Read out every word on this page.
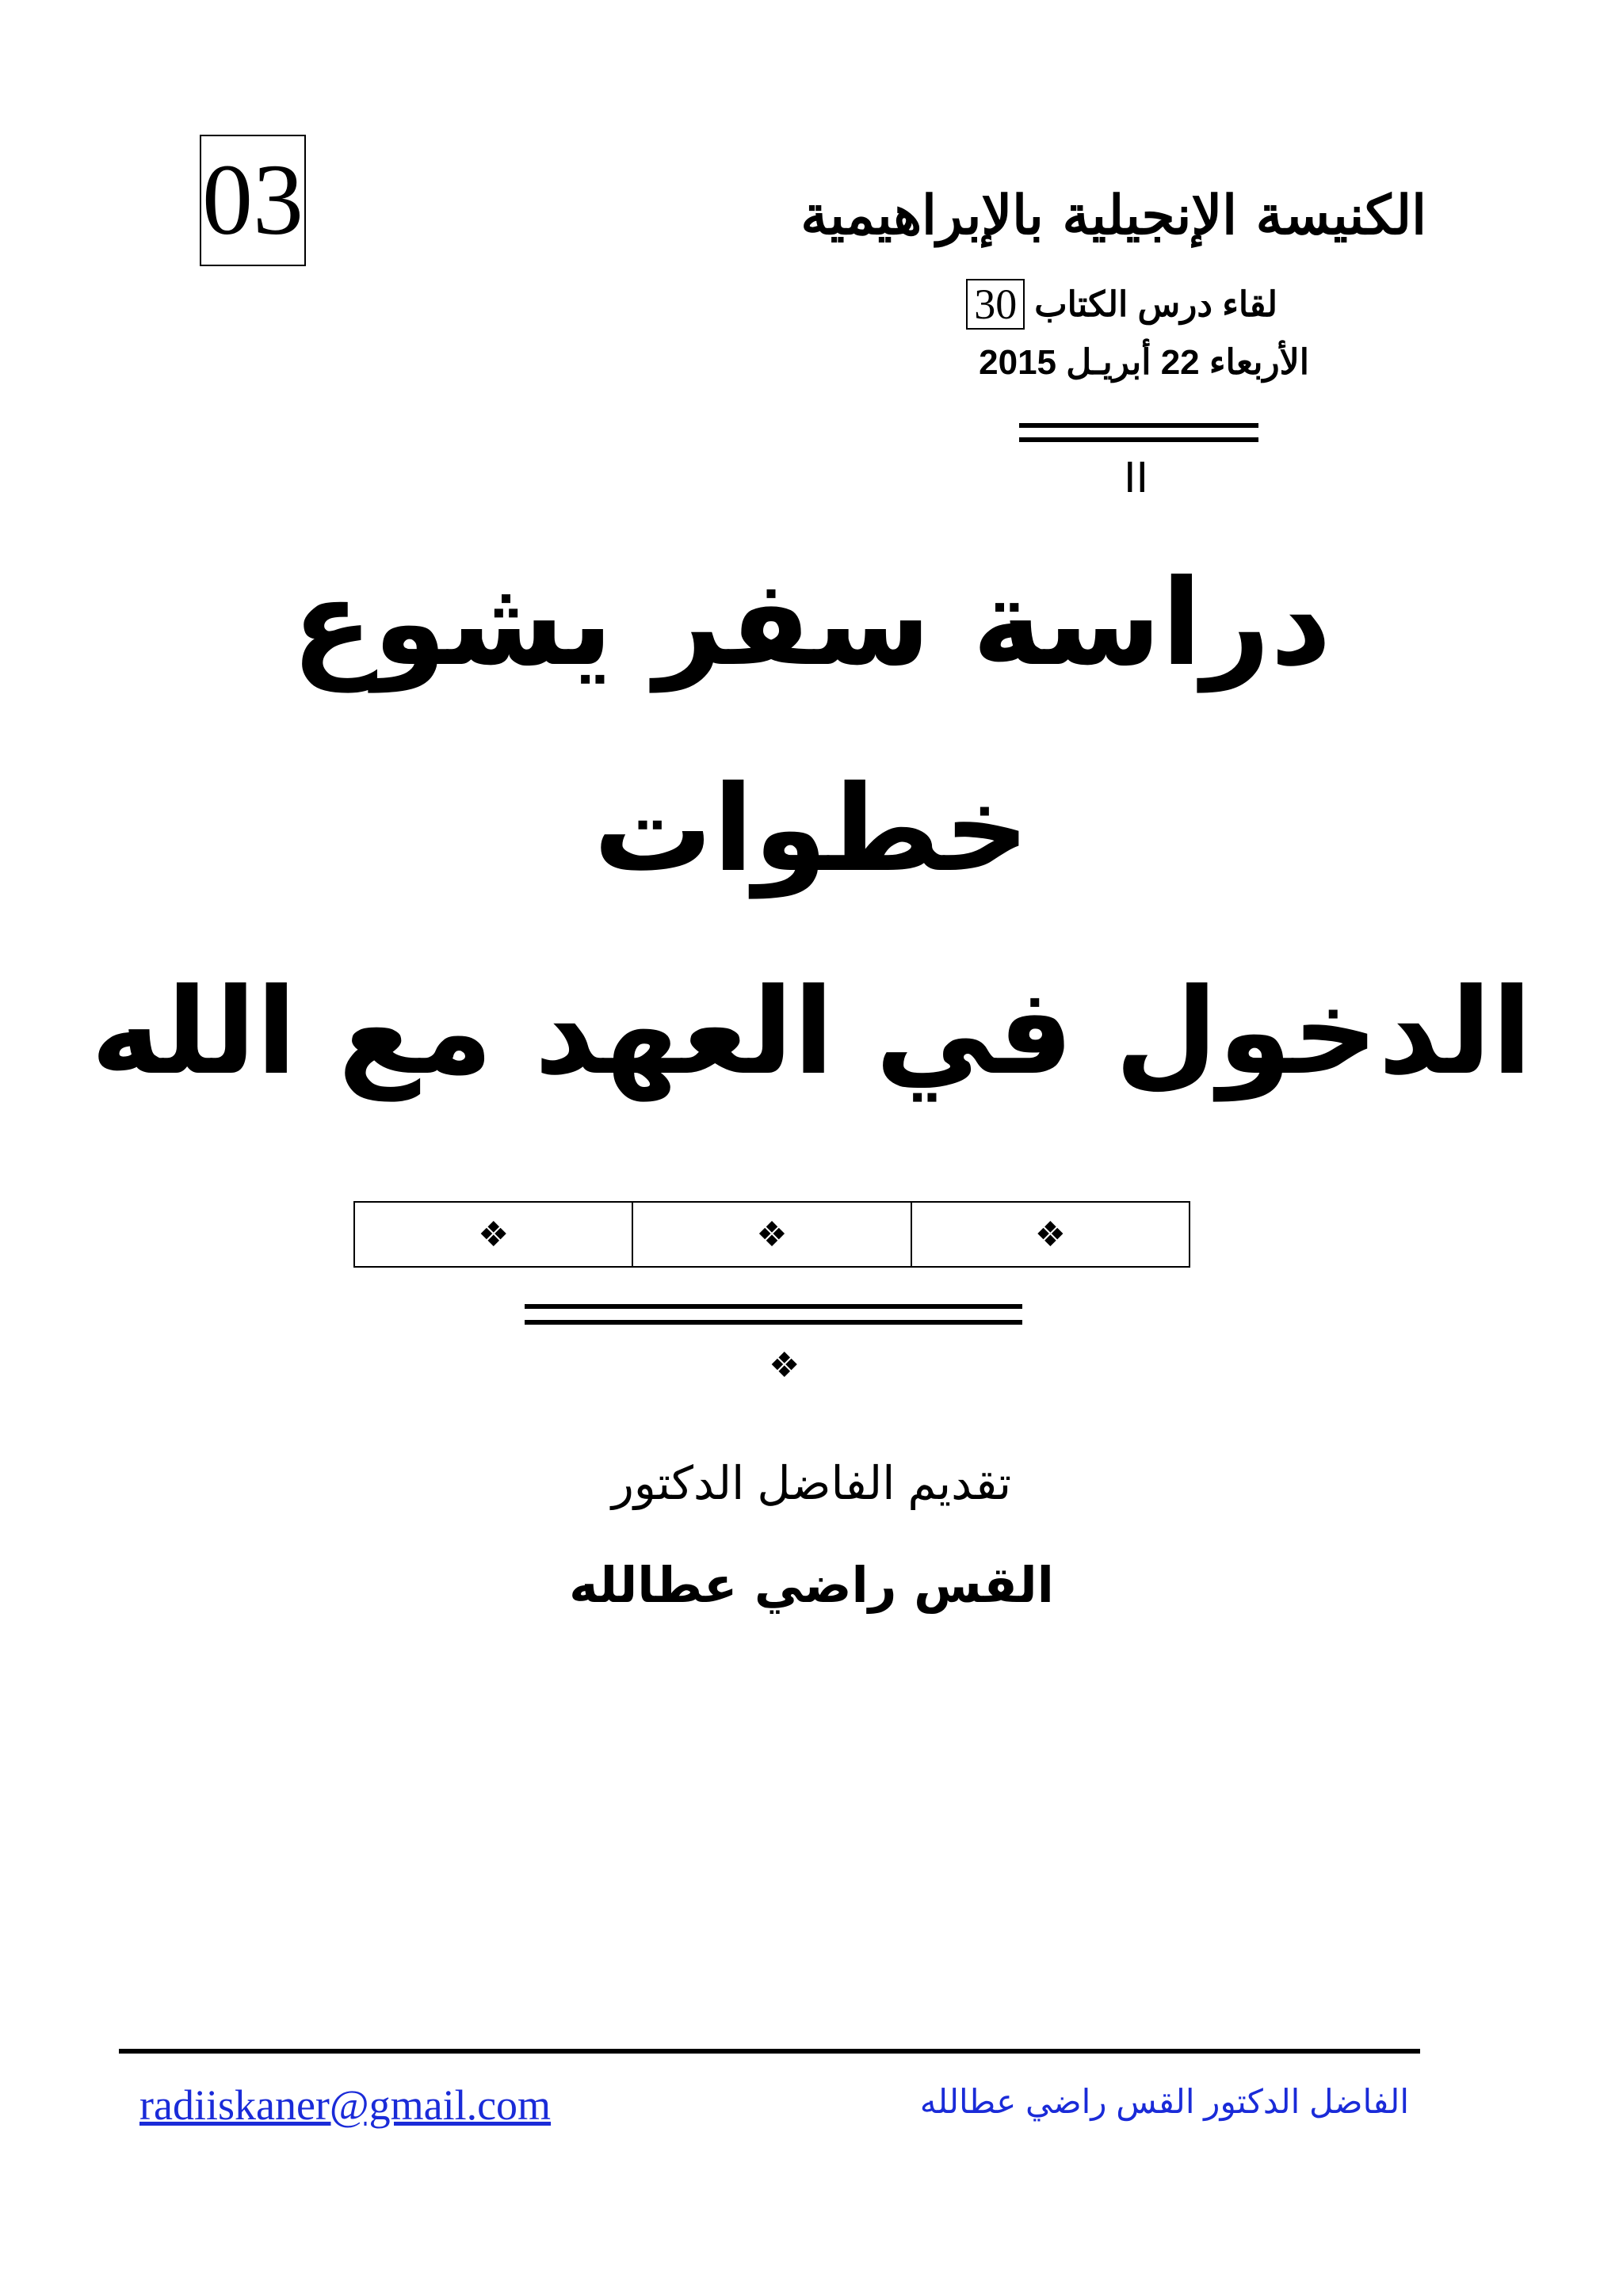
03	الكنيسة الإنجيلية بالإبراهيمية
لقاء درس الكتاب
30
الأربعاء 22 أبريـل 2015
II
دراسة سفر يشوع
خطوات
الدخول في العهد مع الله
❖	❖	❖
❖
تقديم الفاضل الدكتور
القس راضي عطالله
radiiskaner@gmail.com	الفاضل الدكتور القس راضي عطالله
